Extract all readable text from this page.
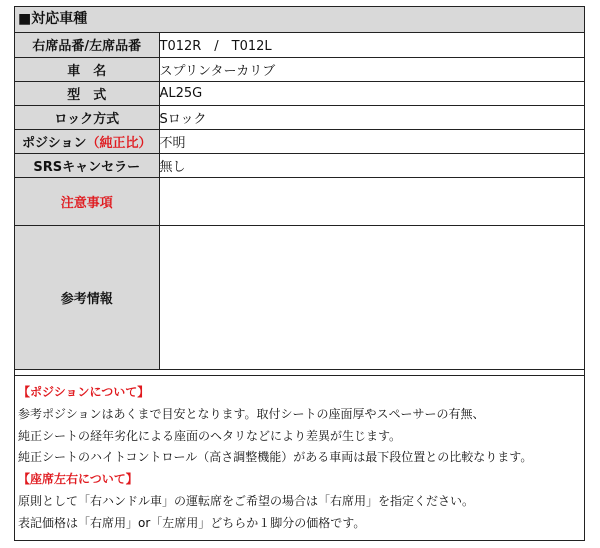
■対応車種
右席品番/左席品番	T012R　/　T012L
車　名	スプリンターカリブ
型　式	AL25G
ロック方式	Sロック
ポジション（純正比）	不明
SRSキャンセラー	無し
注意事項	
参考情報	
【ポジションについて】
参考ポジションはあくまで目安となります。取付シートの座面厚やスペーサーの有無、
純正シートの経年劣化による座面のヘタリなどにより差異が生じます。
純正シートのハイトコントロール（高さ調整機能）がある車両は最下段位置との比較なります。
【座席左右について】
原則として「右ハンドル車」の運転席をご希望の場合は「右席用」を指定ください。
表記価格は「右席用」or「左席用」どちらか１脚分の価格です。
